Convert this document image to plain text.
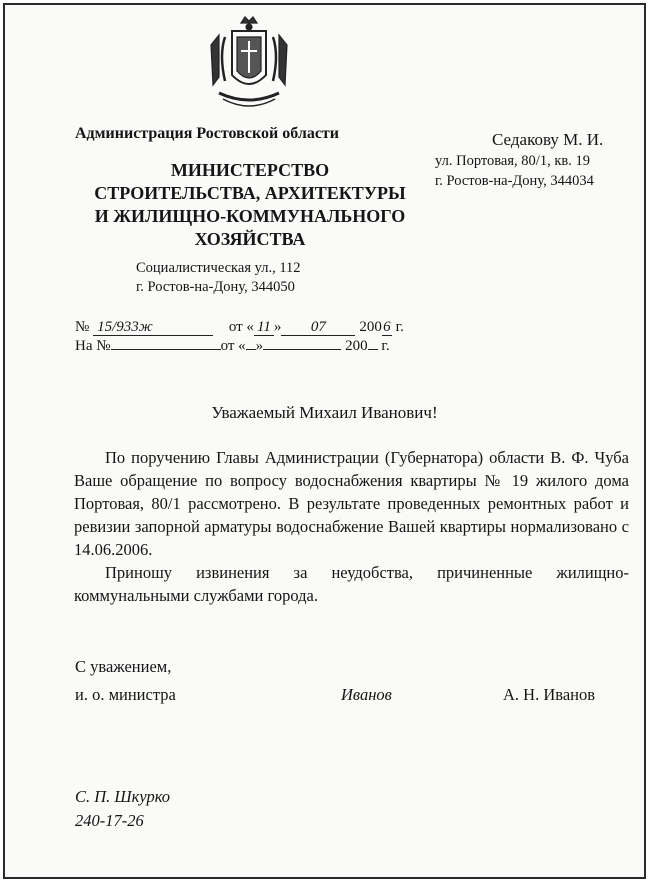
Администрация Ростовской области	Седакову М. И.
ул. Портовая, 80/1, кв. 19
г. Ростов-на-Дону, 344034
МИНИСТЕРСТВО
СТРОИТЕЛЬСТВА, АРХИТЕКТУРЫ
И ЖИЛИЩНО-КОММУНАЛЬНОГО
ХОЗЯЙСТВА
Социалистическая ул., 112
г. Ростов-на-Дону, 344050
№ 15/933ж	от « 11 » 07 2006 г.
На №	от « »	200 г.
Уважаемый Михаил Иванович!

По поручению Главы Администрации (Губернатора) области В. Ф. Чуба Ваше обращение по вопросу водоснабжения квартиры № 19 жилого дома Портовая, 80/1 рассмотрено. В результате проведенных ремонтных работ и ревизии запорной арматуры водоснабжение Вашей квартиры нормализовано с 14.06.2006.

Приношу извинения за неудобства, причиненные жилищно-коммунальными службами города.

С уважением,
и. о. министра	Иванов	А. Н. Иванов
С. П. Шкурко
240-17-26
